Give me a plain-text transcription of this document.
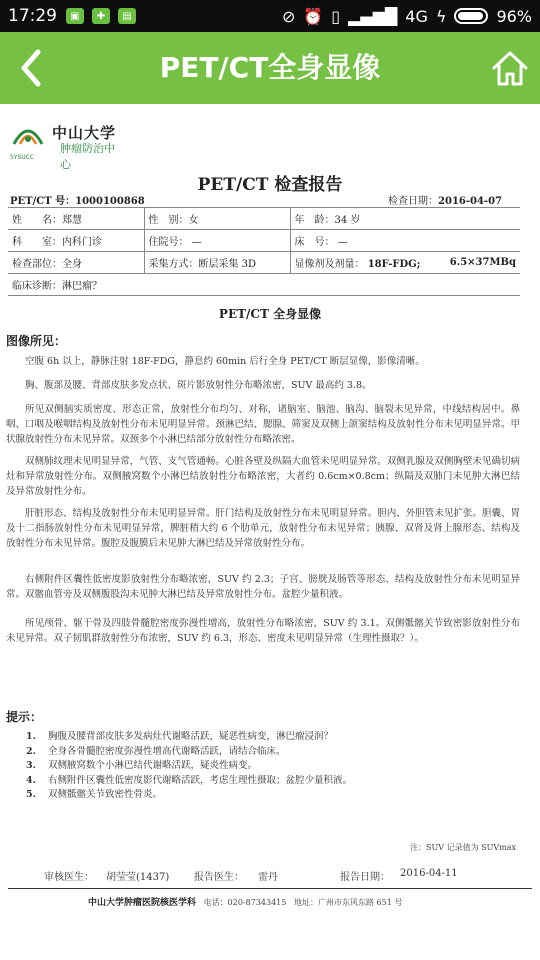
17:29	▣	✚	▤	⊘ ⏰ ▯ ▂▄▆█ 4G ϟ	96%
PET/CT全身显像
SYSUCC
中山大学
肿瘤防治中心
PET/CT 检查报告
PET/CT 号：1000100868	检查日期：2016-04-07
姓　　名：郑慧	性　别：女	年　龄：34 岁	
科　　室：内科门诊	住院号： —	床　号： —	
检查部位：全身	采集方式：断层采集 3D	显像剂及剂量： 18F-FDG;	6.5×37MBq
临床诊断：淋巴瘤？			
PET/CT 全身显像
图像所见：

空腹 6h 以上，静脉注射 18F-FDG，静息约 60min 后行全身 PET/CT 断层显像，影像清晰。

胸、腹部及腰、背部皮肤多发点状、斑片影放射性分布略浓密，SUV 最高约 3.8。

所见双侧脑实质密度、形态正常，放射性分布均匀、对称，诸脑室、脑池、脑沟、脑裂未见异常，中线结构居中。鼻咽、口咽及喉咽结构及放射性分布未见明显异常。颈淋巴结、腮腺、筛窦及双侧上颌窦结构及放射性分布未见明显异常。甲状腺放射性分布未见异常。双颈多个小淋巴结部分放射性分布略浓密。

双侧肺纹理未见明显异常，气管、支气管通畅。心脏各壁及纵隔大血管未见明显异常。双侧乳腺及双侧胸壁未见确切病灶和异常放射性分布。双侧腋窝数个小淋巴结放射性分布略浓密，大者约 0.6cm×0.8cm；纵隔及双肺门未见肿大淋巴结及异常放射性分布。

肝脏形态、结构及放射性分布未见明显异常。肝门结构及放射性分布未见明显异常。胆内、外胆管未见扩张。胆囊、胃及十二指肠放射性分布未见明显异常，脾脏稍大约 6 个肋单元，放射性分布未见异常；胰腺、双肾及肾上腺形态、结构及放射性分布未见异常。腹腔及腹膜后未见肿大淋巴结及异常放射性分布。

右侧附件区囊性低密度影放射性分布略浓密，SUV 约 2.3；子宫、膀胱及肠管等形态、结构及放射性分布未见明显异常。双髂血管旁及双侧腹股沟未见肿大淋巴结及异常放射性分布。盆腔少量积液。

所见颅骨、躯干骨及四肢骨髓腔密度弥漫性增高，放射性分布略浓密，SUV 约 3.1。双侧骶髂关节致密影放射性分布未见异常。双子韧肌群放射性分布浓密，SUV 约 6.3，形态、密度未见明显异常（生理性摄取？）。

提示：
1.	胸腹及腰背部皮肤多发病灶代谢略活跃，疑恶性病变，淋巴瘤浸润？
2.	全身各骨髓腔密度弥漫性增高代谢略活跃，请结合临床。
3.	双侧腋窝数个小淋巴结代谢略活跃，疑炎性病变。
4.	右侧附件区囊性低密度影代谢略活跃，考虑生理性摄取；盆腔少量积液。
5.	双侧骶髂关节致密性骨炎。
注：SUV 记录值为 SUVmax
审核医生： 胡莹莹(1437) 报告医生： 雷丹	报告日期： 2016-04-11
中山大学肿瘤医院核医学科 电话：020-87343415 地址：广州市东风东路 651 号
